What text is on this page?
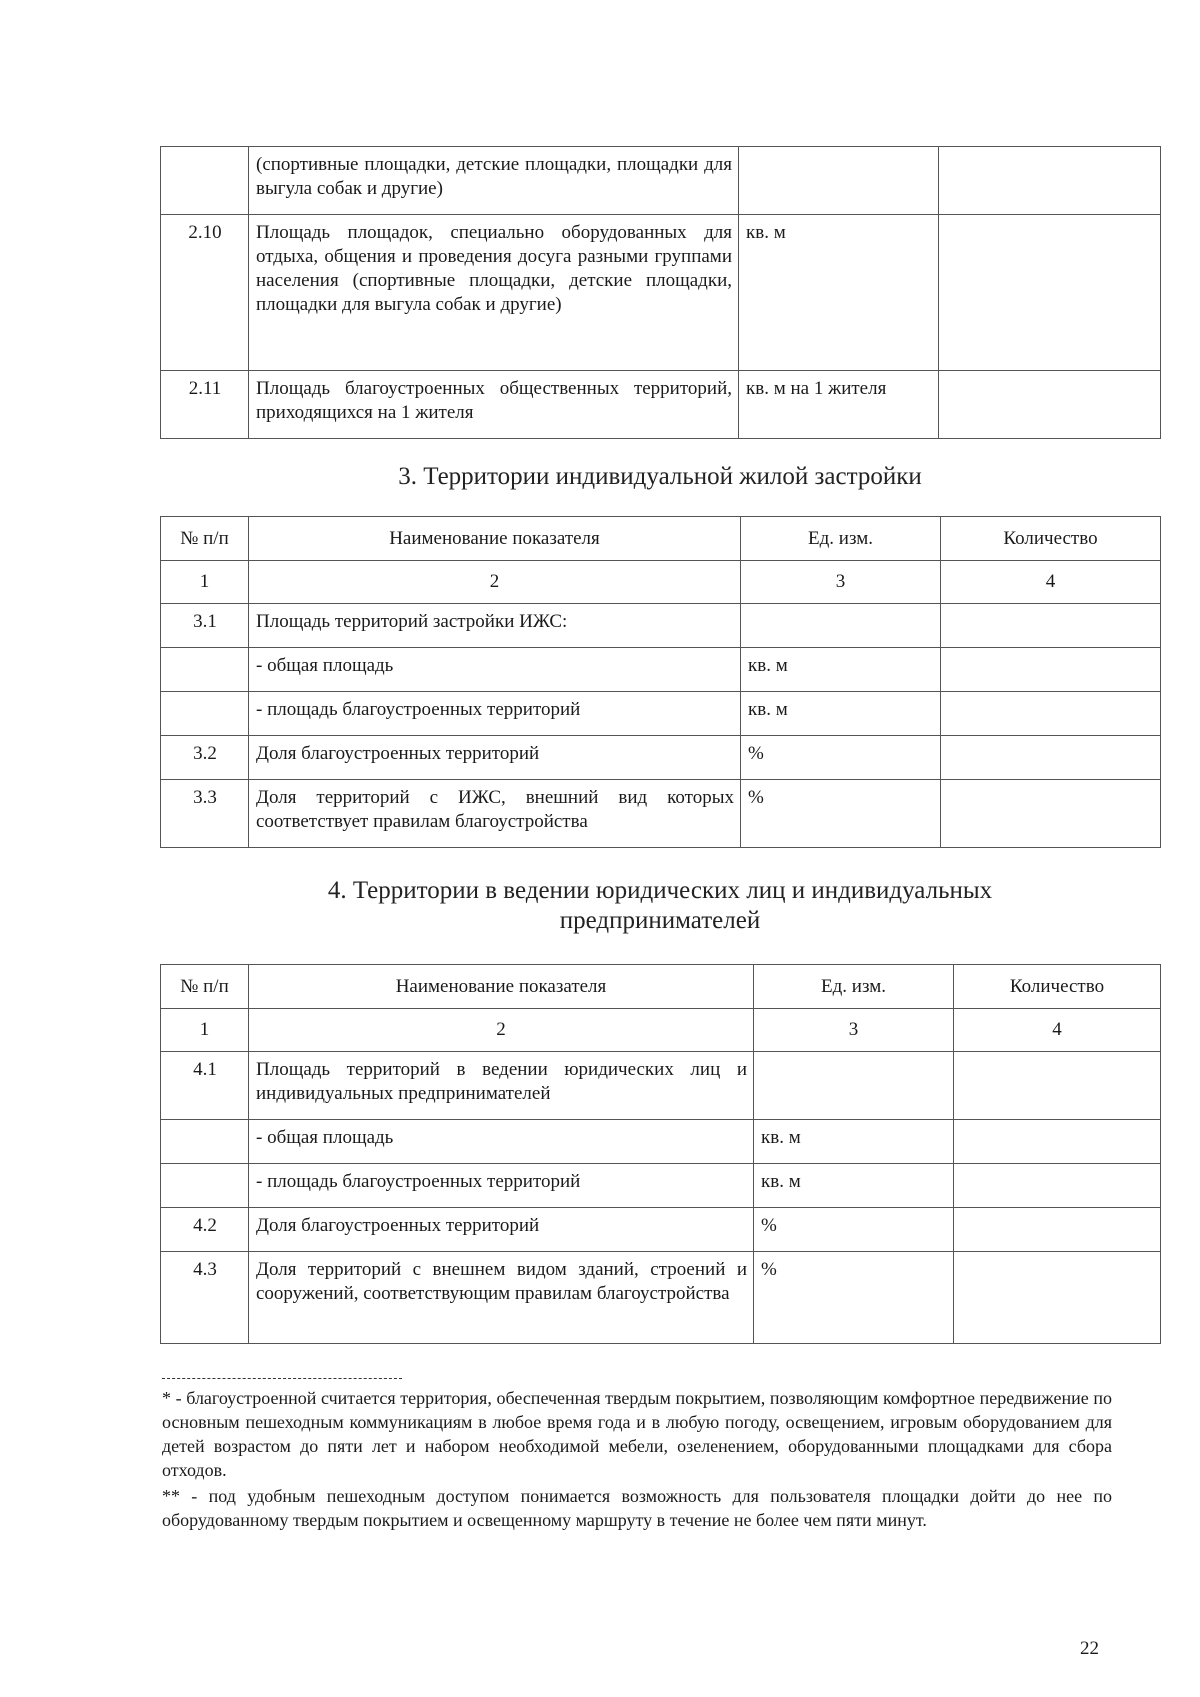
	(спортивные площадки, детские площадки, площадки для выгула собак и другие)		
2.10	Площадь площадок, специально оборудованных для отдыха, общения и проведения досуга разными группами населения (спортивные площадки, детские площадки, площадки для выгула собак и другие)	кв. м	
2.11	Площадь благоустроенных общественных территорий, приходящихся на 1 жителя	кв. м на 1 жителя	
3. Территории индивидуальной жилой застройки
№ п/п	Наименование показателя	Ед. изм.	Количество
1	2	3	4
3.1	Площадь территорий застройки ИЖС:		
	- общая площадь	кв. м	
	- площадь благоустроенных территорий	кв. м	
3.2	Доля благоустроенных территорий	%	
3.3	Доля территорий с ИЖС, внешний вид которых соответствует правилам благоустройства	%	
4. Территории в ведении юридических лиц и индивидуальных
предпринимателей
№ п/п	Наименование показателя	Ед. изм.	Количество
1	2	3	4
4.1	Площадь территорий в ведении юридических лиц и индивидуальных предпринимателей		
	- общая площадь	кв. м	
	- площадь благоустроенных территорий	кв. м	
4.2	Доля благоустроенных территорий	%	
4.3	Доля территорий с внешнем видом зданий, строений и сооружений, соответствующим правилам благоустройства	%	

* - благоустроенной считается территория, обеспеченная твердым покрытием, позволяющим комфортное передвижение по основным пешеходным коммуникациям в любое время года и в любую погоду, освещением, игровым оборудованием для детей возрастом до пяти лет и набором необходимой мебели, озеленением, оборудованными площадками для сбора отходов.

** - под удобным пешеходным доступом понимается возможность для пользователя площадки дойти до нее по оборудованному твердым покрытием и освещенному маршруту в течение не более чем пяти минут.

22
